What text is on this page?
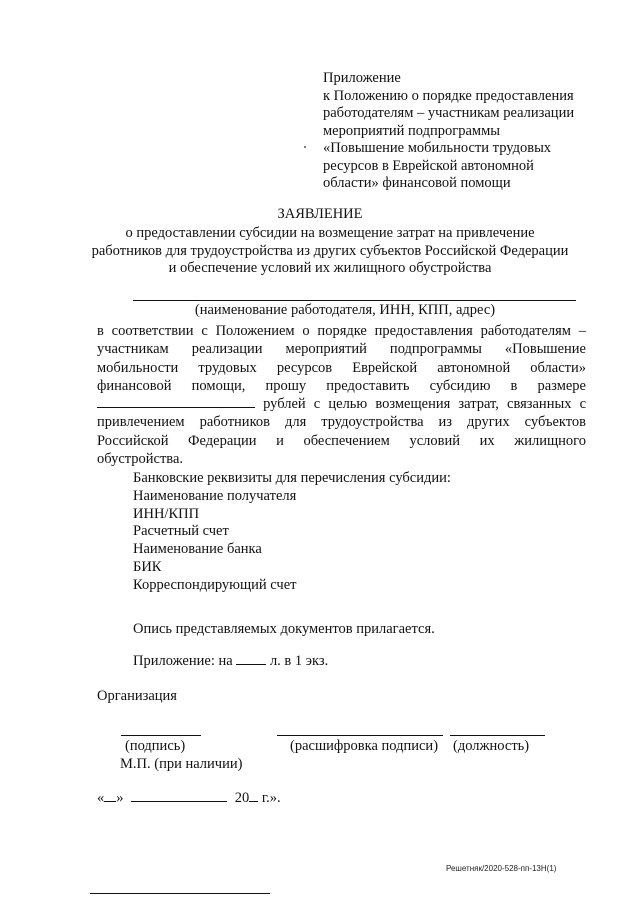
Приложение
к Положению о порядке предоставления
работодателям – участникам реализации
мероприятий подпрограммы
«Повышение мобильности трудовых
ресурсов в Еврейской автономной
области» финансовой помощи
ЗАЯВЛЕНИЕ
о предоставлении субсидии на возмещение затрат на привлечение
работников для трудоустройства из других субъектов Российской Федерации
и обеспечение условий их жилищного обустройства
(наименование работодателя, ИНН, КПП, адрес)
в соответствии с Положением о порядке предоставления работодателям –
участникам реализации мероприятий подпрограммы «Повышение
мобильности трудовых ресурсов Еврейской автономной области»
финансовой помощи, прошу предоставить субсидию в размере
рублей с целью возмещения затрат, связанных с
привлечением работников для трудоустройства из других субъектов
Российской Федерации и обеспечением условий их жилищного
обустройства.
Банковские реквизиты для перечисления субсидии:
Наименование получателя
ИНН/КПП
Расчетный счет
Наименование банка
БИК
Корреспондирующий счет
Опись представляемых документов прилагается.
Приложение: на	л. в 1 экз.
Организация
(подпись)	(расшифровка подписи) (должность)
М.П. (при наличии)
« »	20 г.».
Решетняк/2020-528-пп-13Н(1)
